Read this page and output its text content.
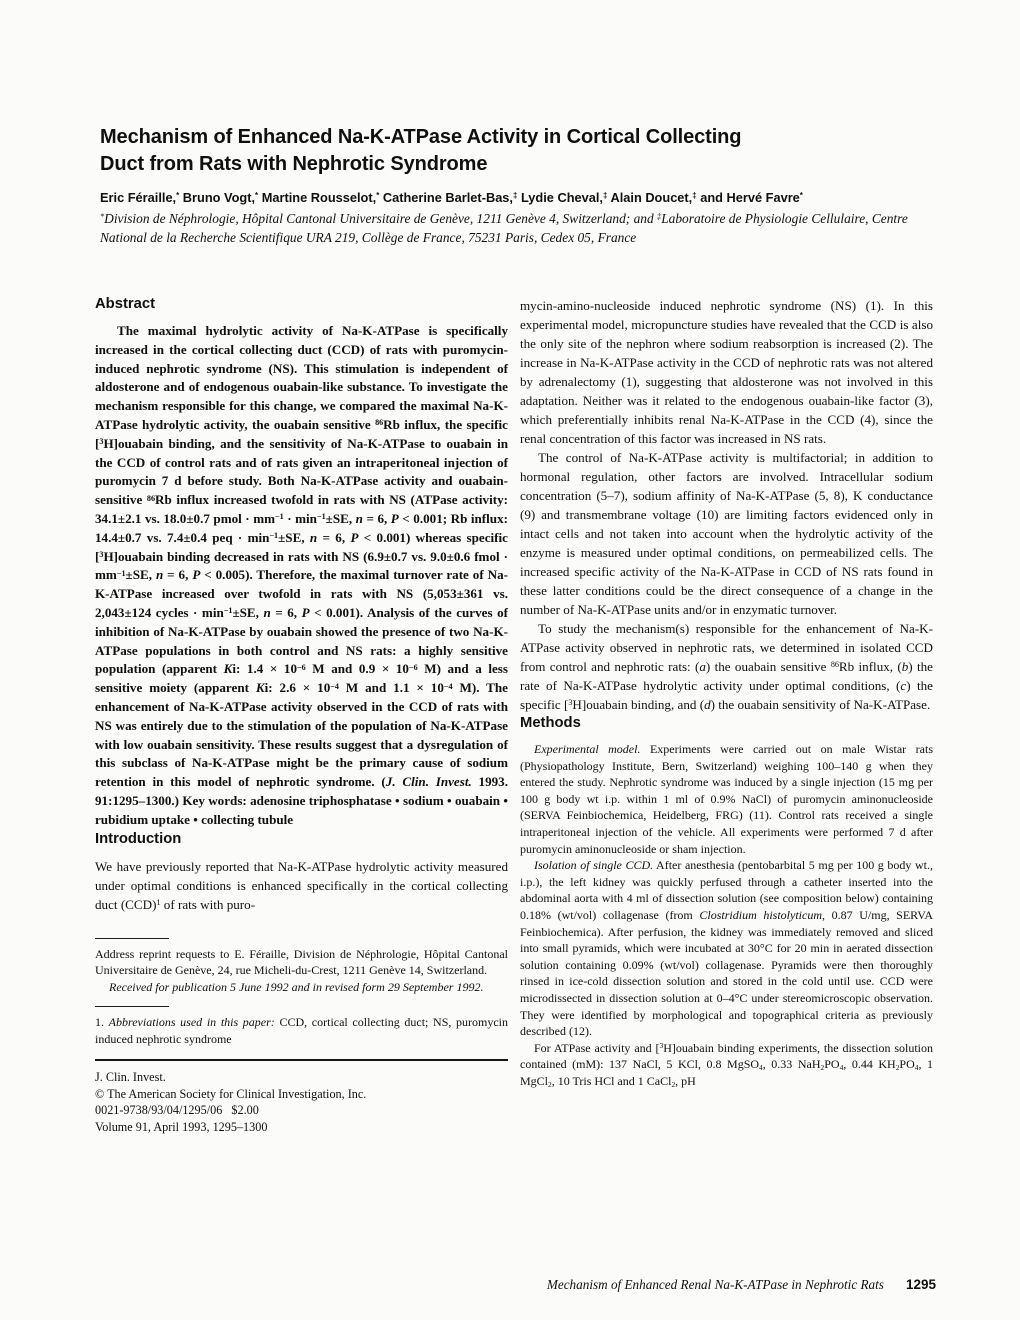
Mechanism of Enhanced Na-K-ATPase Activity in Cortical Collecting Duct from Rats with Nephrotic Syndrome

Eric Féraille,* Bruno Vogt,* Martine Rousselot,* Catherine Barlet-Bas,‡ Lydie Cheval,‡ Alain Doucet,‡ and Hervé Favre*

*Division de Néphrologie, Hôpital Cantonal Universitaire de Genève, 1211 Genève 4, Switzerland; and ‡Laboratoire de Physiologie Cellulaire, Centre National de la Recherche Scientifique URA 219, Collège de France, 75231 Paris, Cedex 05, France

Abstract

The maximal hydrolytic activity of Na-K-ATPase is specifically increased in the cortical collecting duct (CCD) of rats with puromycin-induced nephrotic syndrome (NS). This stimulation is independent of aldosterone and of endogenous ouabain-like substance. To investigate the mechanism responsible for this change, we compared the maximal Na-K-ATPase hydrolytic activity, the ouabain sensitive $^{86}$Rb influx, the specific [$^3$H]ouabain binding, and the sensitivity of Na-K-ATPase to ouabain in the CCD of control rats and of rats given an intraperitoneal injection of puromycin 7 d before study. Both Na-K-ATPase activity and ouabain-sensitive $^{86}$Rb influx increased twofold in rats with NS (ATPase activity: 34.1±2.1 vs. 18.0±0.7 pmol · $mm^{-1} \cdot \min^{-1}\pm SE$, n = 6, P < 0.001; Rb influx: 14.4±0.7 vs. 7.4±0.4 peq · $\min^{-1}\pm SE$, n = 6, P < 0.001) whereas specific [$^3$H]ouabain binding decreased in rats with NS (6.9±0.7 vs. 9.0±0.6 fmol · $mm^{-1}\pm SE$, n = 6, P < 0.005). Therefore, the maximal turnover rate of Na-K-ATPase increased over twofold in rats with NS (5,053±361 vs. 2,043±124 cycles · $\min^{-1}\pm SE$, n = 6, P < 0.001). Analysis of the curves of inhibition of Na-K-ATPase by ouabain showed the presence of two Na-K-ATPase populations in both control and NS rats: a highly sensitive population (apparent Ki: $1.4 \times 10^{-6}$ M and $0.9 \times 10^{-6}$ M) and a less sensitive moiety (apparent Ki: $2.6 \times 10^{-4}$ M and $1.1 \times 10^{-4}$ M). The enhancement of Na-K-ATPase activity observed in the CCD of rats with NS was entirely due to the stimulation of the population of Na-K-ATPase with low ouabain sensitivity. These results suggest that a dysregulation of this subclass of Na-K-ATPase might be the primary cause of sodium retention in this model of nephrotic syndrome. (J. Clin. Invest. 1993. 91:1295–1300.) Key words: adenosine triphosphatase • sodium • ouabain • rubidium uptake • collecting tubule

Introduction

We have previously reported that Na-K-ATPase hydrolytic activity measured under optimal conditions is enhanced specifically in the cortical collecting duct (CCD)$^1$ of rats with puro-

Address reprint requests to E. Féraille, Division de Néphrologie, Hôpital Cantonal Universitaire de Genève, 24, rue Micheli-du-Crest, 1211 Genève 14, Switzerland.

Received for publication 5 June 1992 and in revised form 29 September 1992.

1. Abbreviations used in this paper: CCD, cortical collecting duct; NS, puromycin induced nephrotic syndrome

J. Clin. Invest.

© The American Society for Clinical Investigation, Inc.

0021-9738/93/04/1295/06   $2.00

Volume 91, April 1993, 1295–1300

mycin-amino-nucleoside induced nephrotic syndrome (NS) (1). In this experimental model, micropuncture studies have revealed that the CCD is also the only site of the nephron where sodium reabsorption is increased (2). The increase in Na-K-ATPase activity in the CCD of nephrotic rats was not altered by adrenalectomy (1), suggesting that aldosterone was not involved in this adaptation. Neither was it related to the endogenous ouabain-like factor (3), which preferentially inhibits renal Na-K-ATPase in the CCD (4), since the renal concentration of this factor was increased in NS rats.

The control of Na-K-ATPase activity is multifactorial; in addition to hormonal regulation, other factors are involved. Intracellular sodium concentration (5–7), sodium affinity of Na-K-ATPase (5, 8), K conductance (9) and transmembrane voltage (10) are limiting factors evidenced only in intact cells and not taken into account when the hydrolytic activity of the enzyme is measured under optimal conditions, on permeabilized cells. The increased specific activity of the Na-K-ATPase in CCD of NS rats found in these latter conditions could be the direct consequence of a change in the number of Na-K-ATPase units and/or in enzymatic turnover.

To study the mechanism(s) responsible for the enhancement of Na-K-ATPase activity observed in nephrotic rats, we determined in isolated CCD from control and nephrotic rats: (a) the ouabain sensitive $^{86}$Rb influx, (b) the rate of Na-K-ATPase hydrolytic activity under optimal conditions, (c) the specific [$^3$H]ouabain binding, and (d) the ouabain sensitivity of Na-K-ATPase.

Methods

Experimental model. Experiments were carried out on male Wistar rats (Physiopathology Institute, Bern, Switzerland) weighing 100–140 g when they entered the study. Nephrotic syndrome was induced by a single injection (15 mg per 100 g body wt i.p. within 1 ml of 0.9% NaCl) of puromycin aminonucleoside (SERVA Feinbiochemica, Heidelberg, FRG) (11). Control rats received a single intraperitoneal injection of the vehicle. All experiments were performed 7 d after puromycin aminonucleoside or sham injection.

Isolation of single CCD. After anesthesia (pentobarbital 5 mg per 100 g body wt., i.p.), the left kidney was quickly perfused through a catheter inserted into the abdominal aorta with 4 ml of dissection solution (see composition below) containing 0.18% (wt/vol) collagenase (from Clostridium histolyticum, 0.87 U/mg, SERVA Feinbiochemica). After perfusion, the kidney was immediately removed and sliced into small pyramids, which were incubated at 30°C for 20 min in aerated dissection solution containing 0.09% (wt/vol) collagenase. Pyramids were then thoroughly rinsed in ice-cold dissection solution and stored in the cold until use. CCD were microdissected in dissection solution at 0–4°C under stereomicroscopic observation. They were identified by morphological and topographical criteria as previously described (12).

For ATPase activity and [$^3$H]ouabain binding experiments, the dissection solution contained (mM): 137 NaCl, 5 KCl, 0.8 MgSO$_4$, 0.33 $NaH_2PO_4$, 0.44 $KH_2PO_4$, 1 MgCl$_2$, 10 Tris HCl and 1 CaCl$_2$, pH

Mechanism of Enhanced Renal Na-K-ATPase in Nephrotic Rats 1295
